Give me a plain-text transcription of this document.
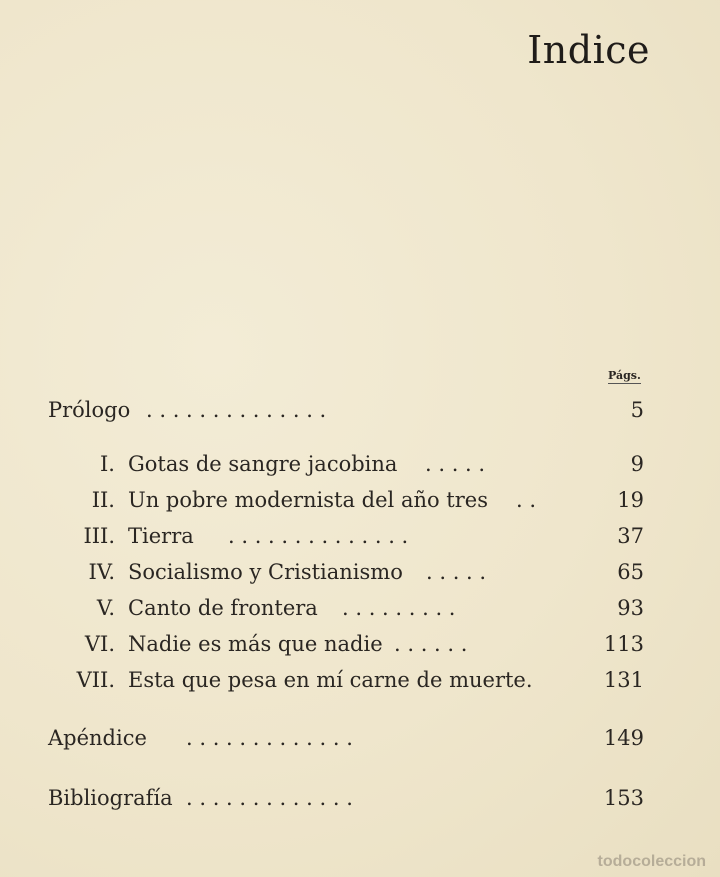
Indice
Págs.
Prólogo . . . . . . . . . . . . . .	5
I. Gotas de sangre jacobina . . . . .	9
II. Un pobre modernista del año tres . .	19
III. Tierra . . . . . . . . . . . . . .	37
IV. Socialismo y Cristianismo . . . . .	65
V. Canto de frontera . . . . . . . . .	93
VI. Nadie es más que nadie . . . . . .	113
VII. Esta que pesa en mí carne de muerte.	131
Apéndice . . . . . . . . . . . . .	149
Bibliografía . . . . . . . . . . . . .	153
todocoleccion
